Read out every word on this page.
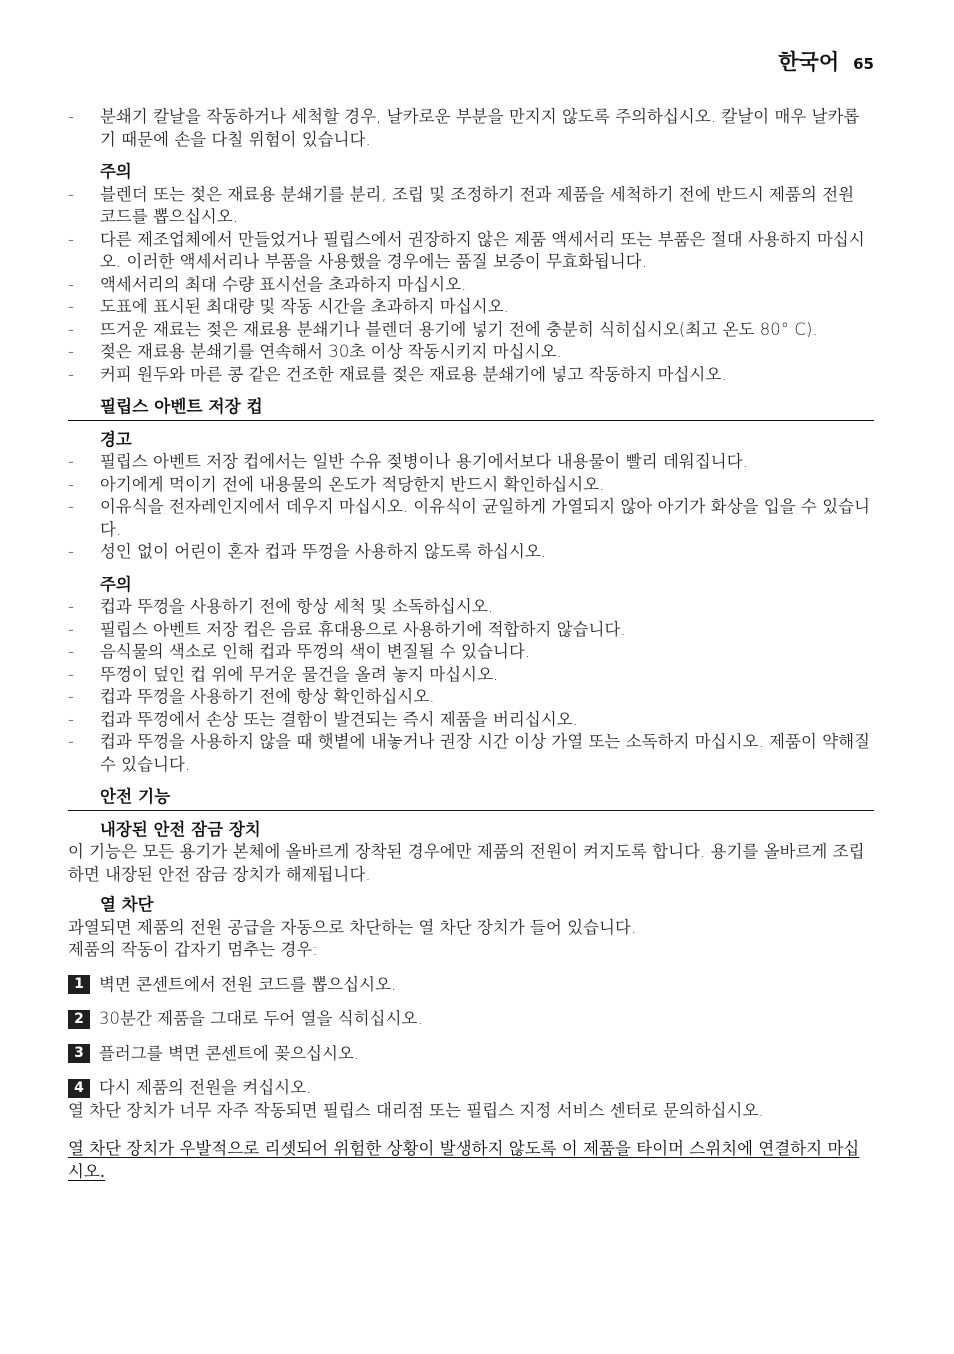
한국어 65
- 분쇄기 칼날을 작동하거나 세척할 경우, 날카로운 부분을 만지지 않도록 주의하십시오. 칼날이 매우 날카롭기 때문에 손을 다칠 위험이 있습니다.
주의
- 블렌더 또는 젖은 재료용 분쇄기를 분리, 조립 및 조정하기 전과 제품을 세척하기 전에 반드시 제품의 전원 코드를 뽑으십시오.
- 다른 제조업체에서 만들었거나 필립스에서 권장하지 않은 제품 액세서리 또는 부품은 절대 사용하지 마십시오. 이러한 액세서리나 부품을 사용했을 경우에는 품질 보증이 무효화됩니다.
- 액세서리의 최대 수량 표시선을 초과하지 마십시오.
- 도표에 표시된 최대량 및 작동 시간을 초과하지 마십시오.
- 뜨거운 재료는 젖은 재료용 분쇄기나 블렌더 용기에 넣기 전에 충분히 식히십시오(최고 온도 80° C).
- 젖은 재료용 분쇄기를 연속해서 30초 이상 작동시키지 마십시오.
- 커피 원두와 마른 콩 같은 건조한 재료를 젖은 재료용 분쇄기에 넣고 작동하지 마십시오.
필립스 아벤트 저장 컵
경고
- 필립스 아벤트 저장 컵에서는 일반 수유 젖병이나 용기에서보다 내용물이 빨리 데워집니다.
- 아기에게 먹이기 전에 내용물의 온도가 적당한지 반드시 확인하십시오.
- 이유식을 전자레인지에서 데우지 마십시오. 이유식이 균일하게 가열되지 않아 아기가 화상을 입을 수 있습니다.
- 성인 없이 어린이 혼자 컵과 뚜껑을 사용하지 않도록 하십시오.
주의
- 컵과 뚜껑을 사용하기 전에 항상 세척 및 소독하십시오.
- 필립스 아벤트 저장 컵은 음료 휴대용으로 사용하기에 적합하지 않습니다.
- 음식물의 색소로 인해 컵과 뚜껑의 색이 변질될 수 있습니다.
- 뚜껑이 덮인 컵 위에 무거운 물건을 올려 놓지 마십시오.
- 컵과 뚜껑을 사용하기 전에 항상 확인하십시오.
- 컵과 뚜껑에서 손상 또는 결함이 발견되는 즉시 제품을 버리십시오.
- 컵과 뚜껑을 사용하지 않을 때 햇볕에 내놓거나 권장 시간 이상 가열 또는 소독하지 마십시오. 제품이 약해질 수 있습니다.
안전 기능
내장된 안전 잠금 장치

이 기능은 모든 용기가 본체에 올바르게 장착된 경우에만 제품의 전원이 켜지도록 합니다. 용기를 올바르게 조립하면 내장된 안전 잠금 장치가 해제됩니다.

열 차단

과열되면 제품의 전원 공급을 자동으로 차단하는 열 차단 장치가 들어 있습니다.

제품의 작동이 갑자기 멈추는 경우:

1 벽면 콘센트에서 전원 코드를 뽑으십시오.
2 30분간 제품을 그대로 두어 열을 식히십시오.
3 플러그를 벽면 콘센트에 꽂으십시오.
4 다시 제품의 전원을 켜십시오.

열 차단 장치가 너무 자주 작동되면 필립스 대리점 또는 필립스 지정 서비스 센터로 문의하십시오.

열 차단 장치가 우발적으로 리셋되어 위험한 상황이 발생하지 않도록 이 제품을 타이머 스위치에 연결하지 마십시오.
